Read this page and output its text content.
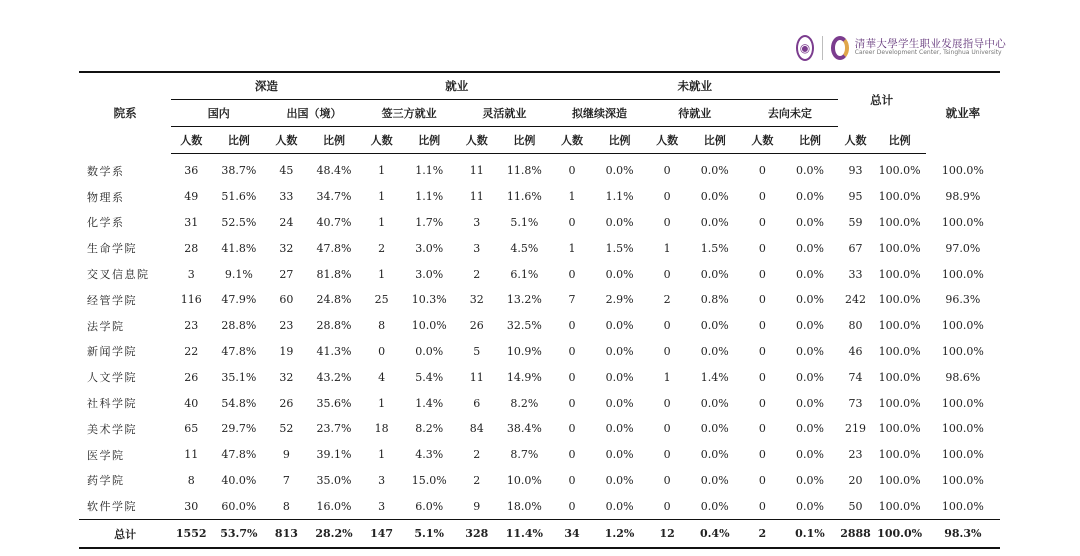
◉	清華大學学生职业发展指导中心
Career Development Center, Tsinghua University
院系	深造				就业				未就业						总计		就业率
	国内		出国（境）		签三方就业		灵活就业		拟继续深造		待就业		去向未定				
	人数	比例	人数	比例	人数	比例	人数	比例	人数	比例	人数	比例	人数	比例	人数	比例	
数学系	36	38.7%	45	48.4%	1	1.1%	11	11.8%	0	0.0%	0	0.0%	0	0.0%	93	100.0%	100.0%
物理系	49	51.6%	33	34.7%	1	1.1%	11	11.6%	1	1.1%	0	0.0%	0	0.0%	95	100.0%	98.9%
化学系	31	52.5%	24	40.7%	1	1.7%	3	5.1%	0	0.0%	0	0.0%	0	0.0%	59	100.0%	100.0%
生命学院	28	41.8%	32	47.8%	2	3.0%	3	4.5%	1	1.5%	1	1.5%	0	0.0%	67	100.0%	97.0%
交叉信息院	3	9.1%	27	81.8%	1	3.0%	2	6.1%	0	0.0%	0	0.0%	0	0.0%	33	100.0%	100.0%
经管学院	116	47.9%	60	24.8%	25	10.3%	32	13.2%	7	2.9%	2	0.8%	0	0.0%	242	100.0%	96.3%
法学院	23	28.8%	23	28.8%	8	10.0%	26	32.5%	0	0.0%	0	0.0%	0	0.0%	80	100.0%	100.0%
新闻学院	22	47.8%	19	41.3%	0	0.0%	5	10.9%	0	0.0%	0	0.0%	0	0.0%	46	100.0%	100.0%
人文学院	26	35.1%	32	43.2%	4	5.4%	11	14.9%	0	0.0%	1	1.4%	0	0.0%	74	100.0%	98.6%
社科学院	40	54.8%	26	35.6%	1	1.4%	6	8.2%	0	0.0%	0	0.0%	0	0.0%	73	100.0%	100.0%
美术学院	65	29.7%	52	23.7%	18	8.2%	84	38.4%	0	0.0%	0	0.0%	0	0.0%	219	100.0%	100.0%
医学院	11	47.8%	9	39.1%	1	4.3%	2	8.7%	0	0.0%	0	0.0%	0	0.0%	23	100.0%	100.0%
药学院	8	40.0%	7	35.0%	3	15.0%	2	10.0%	0	0.0%	0	0.0%	0	0.0%	20	100.0%	100.0%
软件学院	30	60.0%	8	16.0%	3	6.0%	9	18.0%	0	0.0%	0	0.0%	0	0.0%	50	100.0%	100.0%
总计	1552	53.7%	813	28.2%	147	5.1%	328	11.4%	34	1.2%	12	0.4%	2	0.1%	2888	100.0%	98.3%
